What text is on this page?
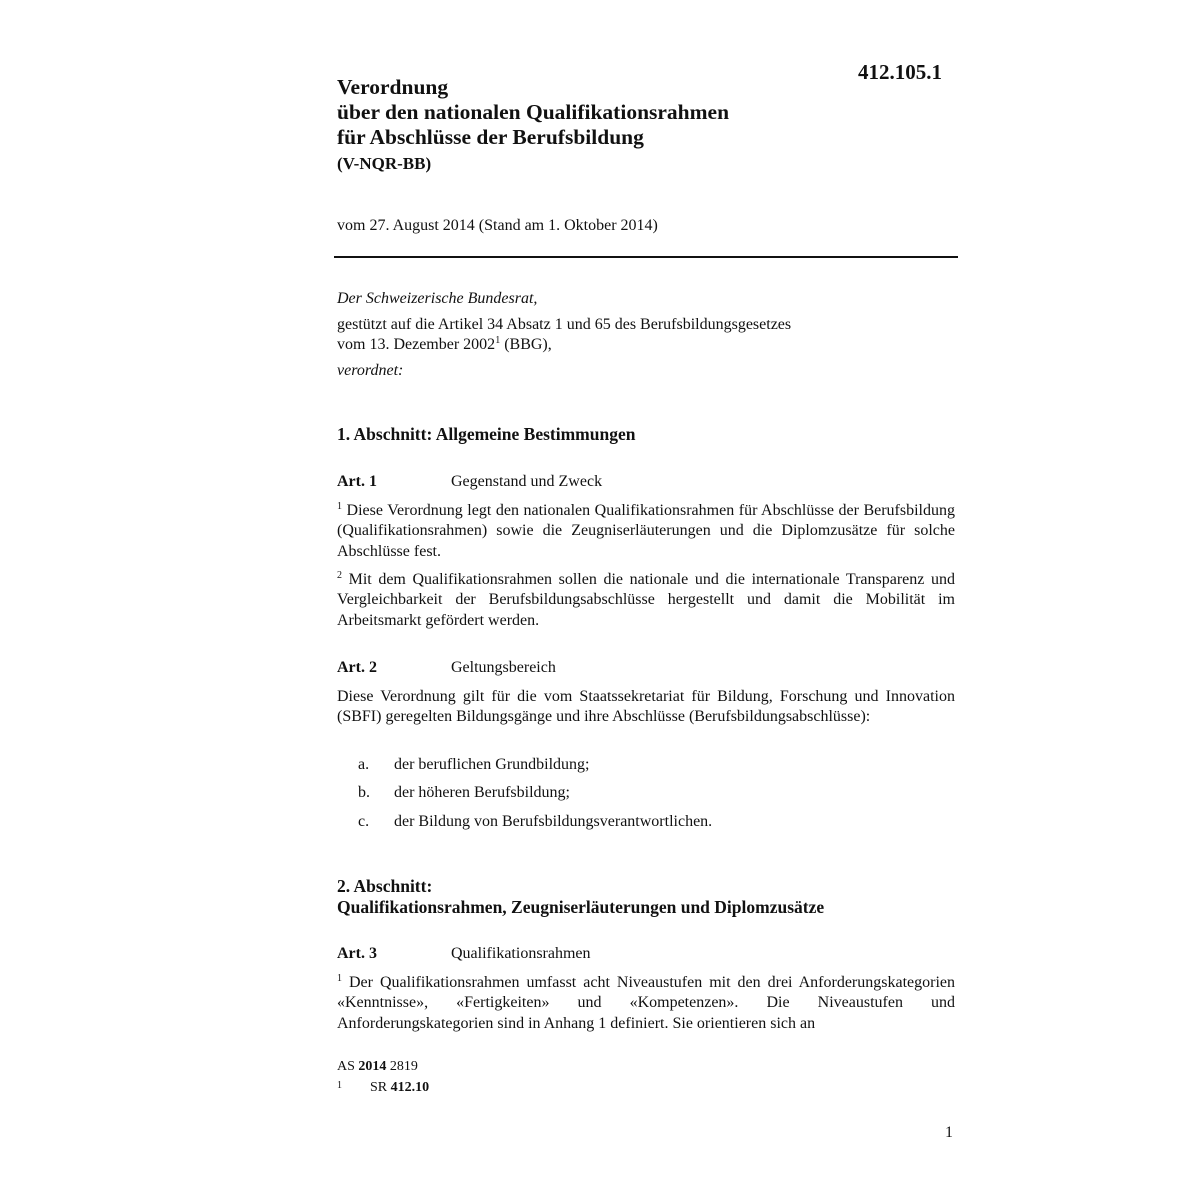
412.105.1
Verordnung
über den nationalen Qualifikationsrahmen
für Abschlüsse der Berufsbildung
(V-NQR-BB)
vom 27. August 2014 (Stand am 1. Oktober 2014)
Der Schweizerische Bundesrat,
gestützt auf die Artikel 34 Absatz 1 und 65 des Berufsbildungsgesetzes
vom 13. Dezember 2002$^1$ (BBG),
verordnet:
1. Abschnitt: Allgemeine Bestimmungen
Art. 1	Gegenstand und Zweck
$^1$ Diese Verordnung legt den nationalen Qualifikationsrahmen für Abschlüsse der Berufsbildung (Qualifikationsrahmen) sowie die Zeugniserläuterungen und die Diplomzusätze für solche Abschlüsse fest.
$^2$ Mit dem Qualifikationsrahmen sollen die nationale und die internationale Transparenz und Vergleichbarkeit der Berufsbildungsabschlüsse hergestellt und damit die Mobilität im Arbeitsmarkt gefördert werden.
Art. 2	Geltungsbereich
Diese Verordnung gilt für die vom Staatssekretariat für Bildung, Forschung und Innovation (SBFI) geregelten Bildungsgänge und ihre Abschlüsse (Berufsbildungsabschlüsse):
a. der beruflichen Grundbildung;
b. der höheren Berufsbildung;
c. der Bildung von Berufsbildungsverantwortlichen.
2. Abschnitt:
Qualifikationsrahmen, Zeugniserläuterungen und Diplomzusätze
Art. 3	Qualifikationsrahmen
$^1$ Der Qualifikationsrahmen umfasst acht Niveaustufen mit den drei Anforderungskategorien «Kenntnisse», «Fertigkeiten» und «Kompetenzen». Die Niveaustufen und Anforderungskategorien sind in Anhang 1 definiert. Sie orientieren sich an
AS 2014 2819
1 SR 412.10
1
